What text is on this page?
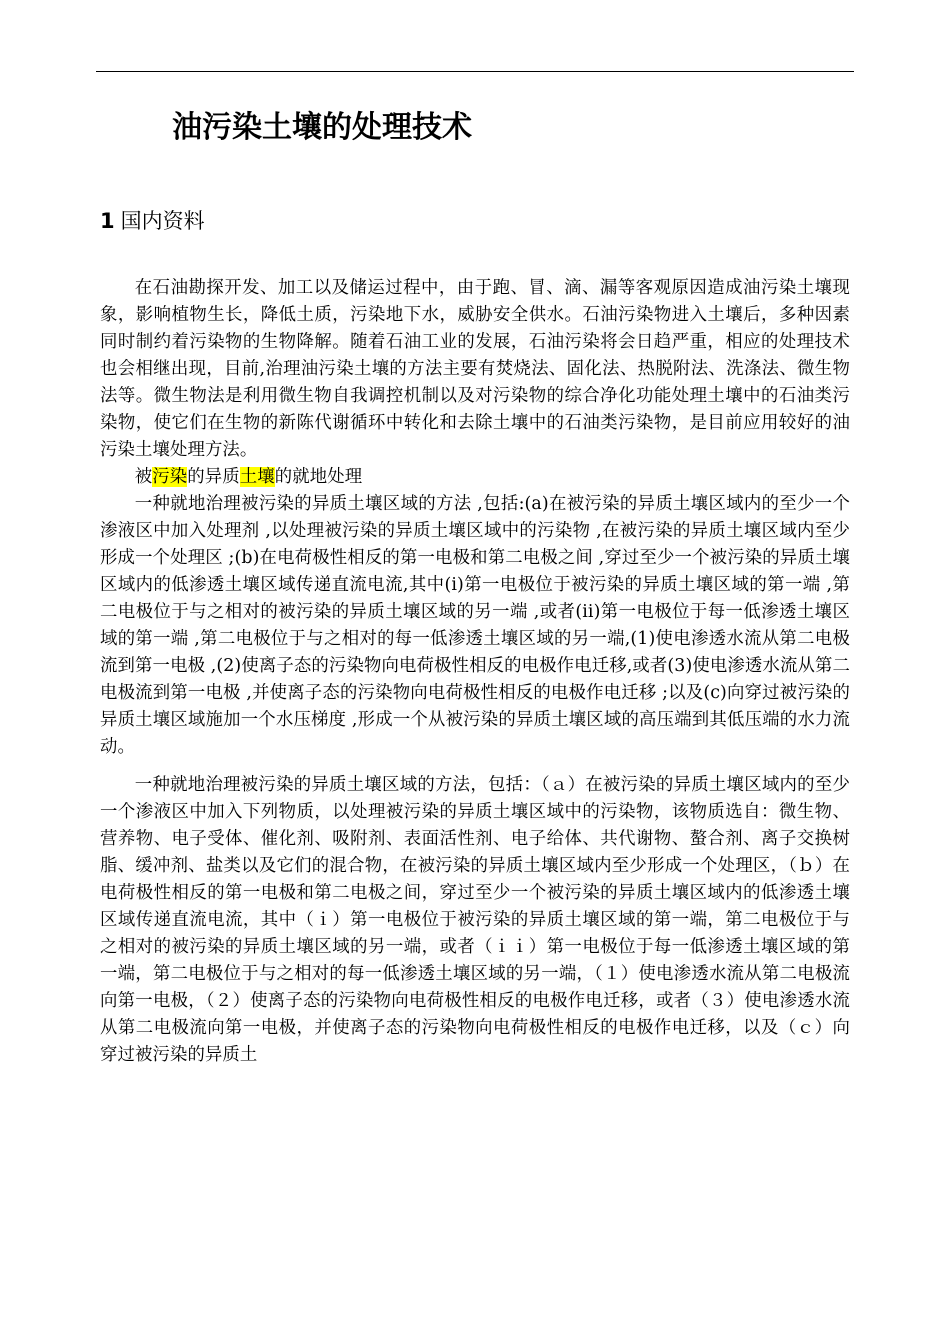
油污染土壤的处理技术
1 国内资料

在石油勘探开发、加工以及储运过程中，由于跑、冒、滴、漏等客观原因造成油污染土壤现象，影响植物生长，降低土质，污染地下水，威胁安全供水。石油污染物进入土壤后，多种因素同时制约着污染物的生物降解。随着石油工业的发展，石油污染将会日趋严重，相应的处理技术也会相继出现，目前,治理油污染土壤的方法主要有焚烧法、固化法、热脱附法、洗涤法、微生物法等。微生物法是利用微生物自我调控机制以及对污染物的综合净化功能处理土壤中的石油类污染物，使它们在生物的新陈代谢循环中转化和去除土壤中的石油类污染物，是目前应用较好的油污染土壤处理方法。

被污染的异质土壤的就地处理

一种就地治理被污染的异质土壤区域的方法 ,包括:(a)在被污染的异质土壤区域内的至少一个渗液区中加入处理剂 ,以处理被污染的异质土壤区域中的污染物 ,在被污染的异质土壤区域内至少形成一个处理区 ;(b)在电荷极性相反的第一电极和第二电极之间 ,穿过至少一个被污染的异质土壤区域内的低渗透土壤区域传递直流电流,其中(i)第一电极位于被污染的异质土壤区域的第一端 ,第二电极位于与之相对的被污染的异质土壤区域的另一端 ,或者(ii)第一电极位于每一低渗透土壤区域的第一端 ,第二电极位于与之相对的每一低渗透土壤区域的另一端,(1)使电渗透水流从第二电极流到第一电极 ,(2)使离子态的污染物向电荷极性相反的电极作电迁移,或者(3)使电渗透水流从第二电极流到第一电极 ,并使离子态的污染物向电荷极性相反的电极作电迁移 ;以及(c)向穿过被污染的异质土壤区域施加一个水压梯度 ,形成一个从被污染的异质土壤区域的高压端到其低压端的水力流动。

一种就地治理被污染的异质土壤区域的方法，包括：（ａ）在被污染的异质土壤区域内的至少一个渗液区中加入下列物质，以处理被污染的异质土壤区域中的污染物，该物质选自：微生物、营养物、电子受体、催化剂、吸附剂、表面活性剂、电子给体、共代谢物、螯合剂、离子交换树脂、缓冲剂、盐类以及它们的混合物，在被污染的异质土壤区域内至少形成一个处理区，（ｂ）在电荷极性相反的第一电极和第二电极之间，穿过至少一个被污染的异质土壤区域内的低渗透土壤区域传递直流电流，其中（ｉ）第一电极位于被污染的异质土壤区域的第一端，第二电极位于与之相对的被污染的异质土壤区域的另一端，或者（ｉｉ）第一电极位于每一低渗透土壤区域的第一端，第二电极位于与之相对的每一低渗透土壤区域的另一端，（１）使电渗透水流从第二电极流向第一电极，（２）使离子态的污染物向电荷极性相反的电极作电迁移，或者（３）使电渗透水流从第二电极流向第一电极，并使离子态的污染物向电荷极性相反的电极作电迁移，以及（ｃ）向穿过被污染的异质土
